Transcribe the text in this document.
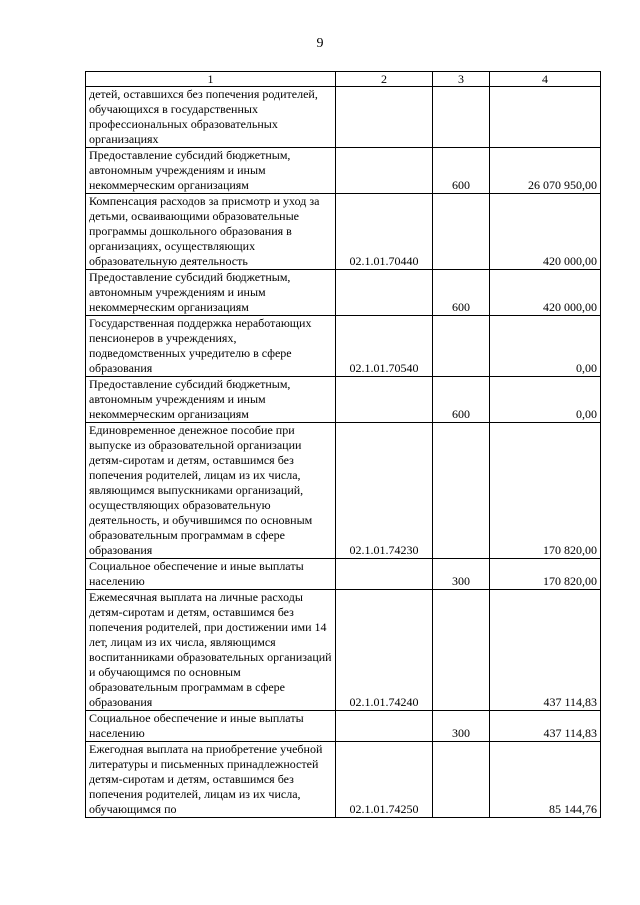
9
1	2	3	4
детей, оставшихся без попечения родителей, обучающихся в государственных профессиональных образовательных организациях			
Предоставление субсидий бюджетным, автономным учреждениям и иным некоммерческим организациям		600	26 070 950,00
Компенсация расходов за присмотр и уход за детьми, осваивающими образовательные программы дошкольного образования в организациях, осуществляющих образовательную деятельность	02.1.01.70440		420 000,00
Предоставление субсидий бюджетным, автономным учреждениям и иным некоммерческим организациям		600	420 000,00
Государственная поддержка неработающих пенсионеров в учреждениях, подведомственных учредителю в сфере образования	02.1.01.70540		0,00
Предоставление субсидий бюджетным, автономным учреждениям и иным некоммерческим организациям		600	0,00
Единовременное денежное пособие при выпуске из образовательной организации детям-сиротам и детям, оставшимся без попечения родителей, лицам из их числа, являющимся выпускниками организаций, осуществляющих образовательную деятельность, и обучившимся по основным образовательным программам в сфере образования	02.1.01.74230		170 820,00
Социальное обеспечение и иные выплаты населению		300	170 820,00
Ежемесячная выплата на личные расходы детям-сиротам и детям, оставшимся без попечения родителей, при достижении ими 14 лет, лицам из их числа, являющимся воспитанниками образовательных организаций и обучающимся по основным образовательным программам в сфере образования	02.1.01.74240		437 114,83
Социальное обеспечение и иные выплаты населению		300	437 114,83
Ежегодная выплата на приобретение учебной литературы и письменных принадлежностей детям-сиротам и детям, оставшимся без попечения родителей, лицам из их числа, обучающимся по	02.1.01.74250		85 144,76
